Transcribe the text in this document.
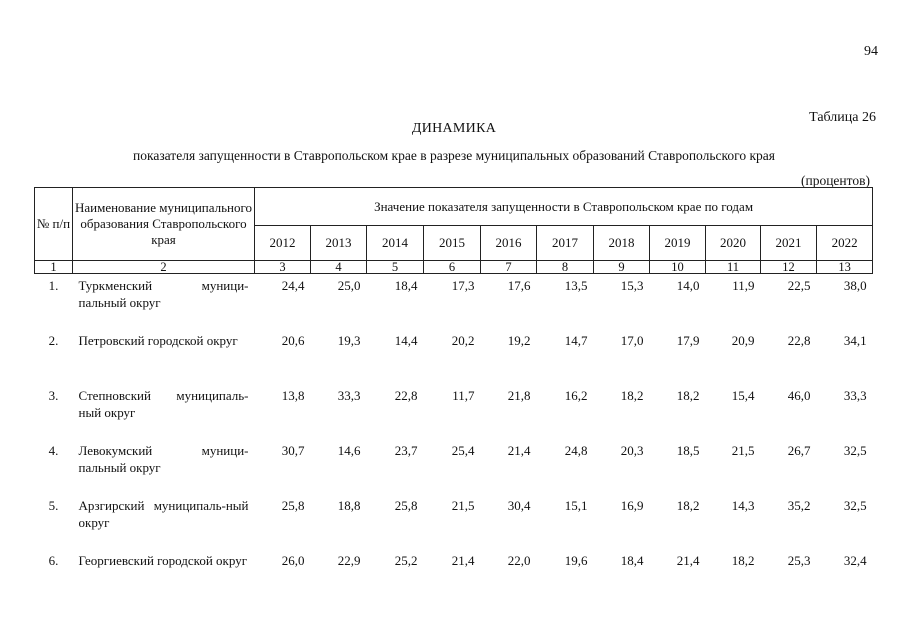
94
Таблица 26
ДИНАМИКА
показателя запущенности в Ставропольском крае в разрезе муниципальных образований Ставропольского края
(процентов)
№ п/п	Наименование муниципального образования Ставропольского края	Значение показателя запущенности в Ставропольском крае по годам										
		2012	2013	2014	2015	2016	2017	2018	2019	2020	2021	2022
1	2	3	4	5	6	7	8	9	10	11	12	13
1.	Туркменский муници-пальный округ	24,4	25,0	18,4	17,3	17,6	13,5	15,3	14,0	11,9	22,5	38,0
2.	Петровский городской округ	20,6	19,3	14,4	20,2	19,2	14,7	17,0	17,9	20,9	22,8	34,1
3.	Степновский муниципаль-ный округ	13,8	33,3	22,8	11,7	21,8	16,2	18,2	18,2	15,4	46,0	33,3
4.	Левокумский муници-пальный округ	30,7	14,6	23,7	25,4	21,4	24,8	20,3	18,5	21,5	26,7	32,5
5.	Арзгирский муниципаль-ный округ	25,8	18,8	25,8	21,5	30,4	15,1	16,9	18,2	14,3	35,2	32,5
6.	Георгиевский городской округ	26,0	22,9	25,2	21,4	22,0	19,6	18,4	21,4	18,2	25,3	32,4
